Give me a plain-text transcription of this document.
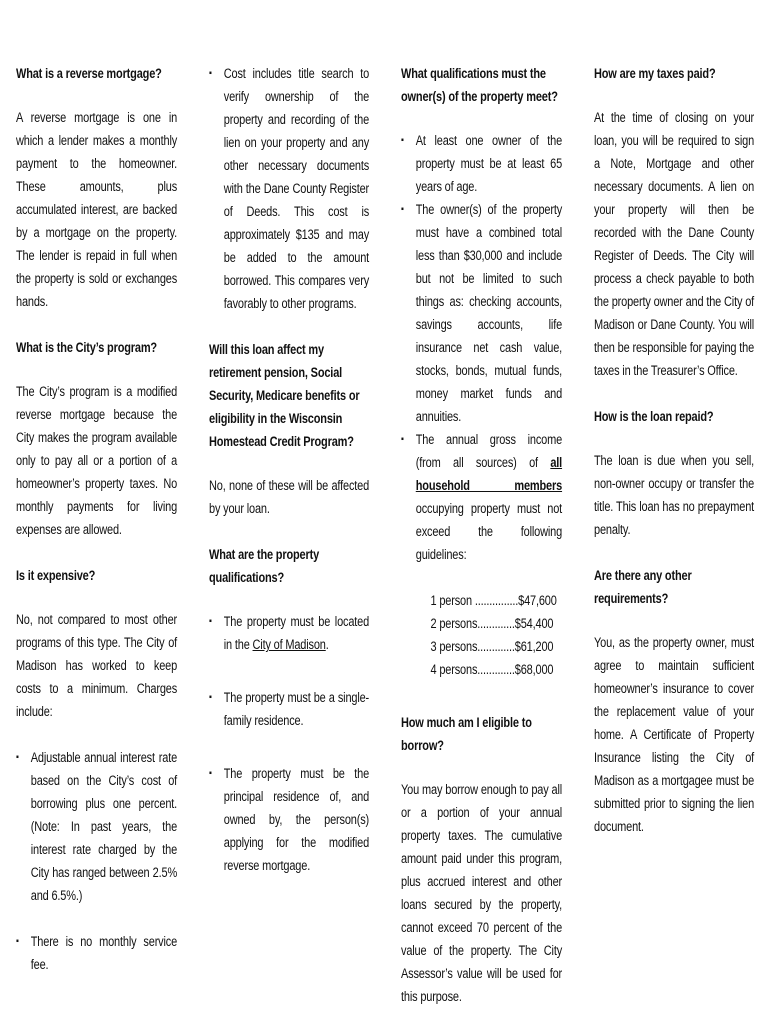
What is a reverse mortgage?

A reverse mortgage is one in which a lender makes a monthly payment to the homeowner. These amounts, plus accumulated interest, are backed by a mortgage on the property. The lender is repaid in full when the property is sold or exchanges hands.

What is the City’s program?

The City’s program is a modified reverse mortgage because the City makes the program available only to pay all or a portion of a homeowner’s property taxes. No monthly payments for living expenses are allowed.

Is it expensive?

No, not compared to most other programs of this type. The City of Madison has worked to keep costs to a minimum. Charges include:

▪ Adjustable annual interest rate based on the City’s cost of borrowing plus one percent. (Note: In past years, the interest rate charged by the City has ranged between 2.5% and 6.5%.)
▪ There is no monthly service fee.
▪ Cost includes title search to verify ownership of the property and recording of the lien on your property and any other necessary documents with the Dane County Register of Deeds. This cost is approximately $135 and may be added to the amount borrowed. This compares very favorably to other programs.
Will this loan affect my retirement pension, Social Security, Medicare benefits or eligibility in the Wisconsin Homestead Credit Program?

No, none of these will be affected by your loan.

What are the property qualifications?
▪ The property must be located in the City of Madison.
▪ The property must be a single-family residence.
▪ The property must be the principal residence of, and owned by, the person(s) applying for the modified reverse mortgage.
What qualifications must the owner(s) of the property meet?
▪ At least one owner of the property must be at least 65 years of age.
▪ The owner(s) of the property must have a combined total less than $30,000 and include but not be limited to such things as: checking accounts, savings accounts, life insurance net cash value, stocks, bonds, mutual funds, money market funds and annuities.
▪ The annual gross income (from all sources) of all household members occupying property must not exceed the following guidelines:
1 person ...............$47,600
2 persons.............$54,400
3 persons.............$61,200
4 persons.............$68,000
How much am I eligible to borrow?

You may borrow enough to pay all or a portion of your annual property taxes. The cumulative amount paid under this program, plus accrued interest and other loans secured by the property, cannot exceed 70 percent of the value of the property. The City Assessor’s value will be used for this purpose.

How are my taxes paid?

At the time of closing on your loan, you will be required to sign a Note, Mortgage and other necessary documents. A lien on your property will then be recorded with the Dane County Register of Deeds. The City will process a check payable to both the property owner and the City of Madison or Dane County. You will then be responsible for paying the taxes in the Treasurer’s Office.

How is the loan repaid?

The loan is due when you sell, non-owner occupy or transfer the title. This loan has no prepayment penalty.

Are there any other requirements?

You, as the property owner, must agree to maintain sufficient homeowner’s insurance to cover the replacement value of your home. A Certificate of Property Insurance listing the City of Madison as a mortgagee must be submitted prior to signing the lien document.
